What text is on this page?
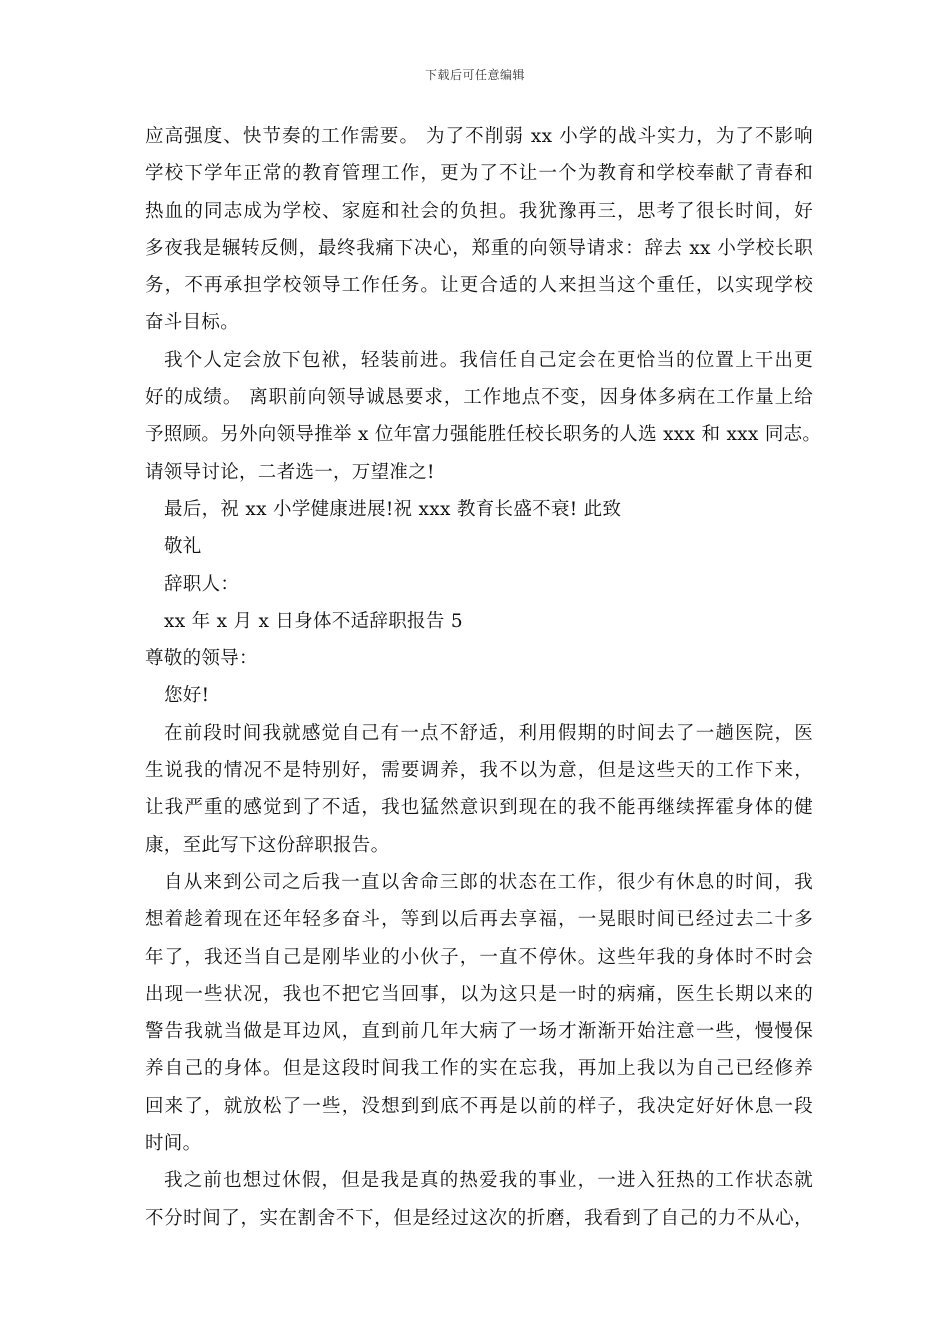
下载后可任意编辑
应高强度、快节奏的工作需要。 为了不削弱 xx 小学的战斗实力，为了不影响
学校下学年正常的教育管理工作，更为了不让一个为教育和学校奉献了青春和
热血的同志成为学校、家庭和社会的负担。我犹豫再三，思考了很长时间，好
多夜我是辗转反侧，最终我痛下决心，郑重的向领导请求：辞去 xx 小学校长职
务，不再承担学校领导工作任务。让更合适的人来担当这个重任，以实现学校
奋斗目标。
我个人定会放下包袱，轻装前进。我信任自己定会在更恰当的位置上干出更
好的成绩。 离职前向领导诚恳要求，工作地点不变，因身体多病在工作量上给
予照顾。另外向领导推举 x 位年富力强能胜任校长职务的人选 xxx 和 xxx 同志。
请领导讨论，二者选一，万望准之!
最后，祝 xx 小学健康进展!祝 xxx 教育长盛不衰! 此致
敬礼
辞职人：
xx 年 x 月 x 日身体不适辞职报告 5
尊敬的领导：
您好!
在前段时间我就感觉自己有一点不舒适，利用假期的时间去了一趟医院，医
生说我的情况不是特别好，需要调养，我不以为意，但是这些天的工作下来，
让我严重的感觉到了不适，我也猛然意识到现在的我不能再继续挥霍身体的健
康，至此写下这份辞职报告。
自从来到公司之后我一直以舍命三郎的状态在工作，很少有休息的时间，我
想着趁着现在还年轻多奋斗，等到以后再去享福，一晃眼时间已经过去二十多
年了，我还当自己是刚毕业的小伙子，一直不停休。这些年我的身体时不时会
出现一些状况，我也不把它当回事，以为这只是一时的病痛，医生长期以来的
警告我就当做是耳边风，直到前几年大病了一场才渐渐开始注意一些，慢慢保
养自己的身体。但是这段时间我工作的实在忘我，再加上我以为自己已经修养
回来了，就放松了一些，没想到到底不再是以前的样子，我决定好好休息一段
时间。
我之前也想过休假，但是我是真的热爱我的事业，一进入狂热的工作状态就
不分时间了，实在割舍不下，但是经过这次的折磨，我看到了自己的力不从心，
